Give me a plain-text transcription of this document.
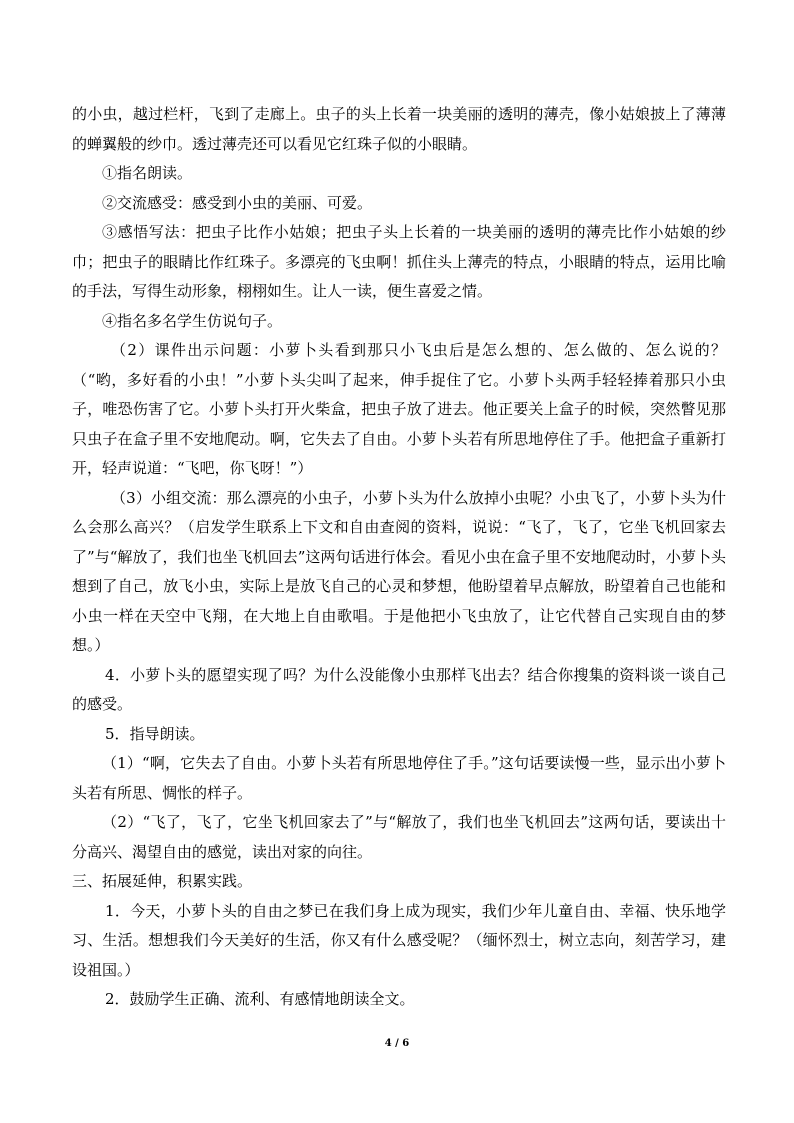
的小虫，越过栏杆，飞到了走廊上。虫子的头上长着一块美丽的透明的薄壳，像小姑娘披上了薄薄的蝉翼般的纱巾。透过薄壳还可以看见它红珠子似的小眼睛。

①指名朗读。

②交流感受：感受到小虫的美丽、可爱。

③感悟写法：把虫子比作小姑娘；把虫子头上长着的一块美丽的透明的薄壳比作小姑娘的纱巾；把虫子的眼睛比作红珠子。多漂亮的飞虫啊！抓住头上薄壳的特点，小眼睛的特点，运用比喻的手法，写得生动形象，栩栩如生。让人一读，便生喜爱之情。

④指名多名学生仿说句子。

（2）课件出示问题：小萝卜头看到那只小飞虫后是怎么想的、怎么做的、怎么说的？（“哟，多好看的小虫！”小萝卜头尖叫了起来，伸手捉住了它。小萝卜头两手轻轻捧着那只小虫子，唯恐伤害了它。小萝卜头打开火柴盒，把虫子放了进去。他正要关上盒子的时候，突然瞥见那只虫子在盒子里不安地爬动。啊，它失去了自由。小萝卜头若有所思地停住了手。他把盒子重新打开，轻声说道：“飞吧，你飞呀！”）

（3）小组交流：那么漂亮的小虫子，小萝卜头为什么放掉小虫呢？小虫飞了，小萝卜头为什么会那么高兴？（启发学生联系上下文和自由查阅的资料，说说：“飞了，飞了，它坐飞机回家去了”与“解放了，我们也坐飞机回去”这两句话进行体会。看见小虫在盒子里不安地爬动时，小萝卜头想到了自己，放飞小虫，实际上是放飞自己的心灵和梦想，他盼望着早点解放，盼望着自己也能和小虫一样在天空中飞翔，在大地上自由歌唱。于是他把小飞虫放了，让它代替自己实现自由的梦想。）

4．小萝卜头的愿望实现了吗？为什么没能像小虫那样飞出去？结合你搜集的资料谈一谈自己的感受。

5．指导朗读。

（1）“啊，它失去了自由。小萝卜头若有所思地停住了手。”这句话要读慢一些，显示出小萝卜头若有所思、惆怅的样子。

（2）“飞了，飞了，它坐飞机回家去了”与“解放了，我们也坐飞机回去”这两句话，要读出十分高兴、渴望自由的感觉，读出对家的向往。

三、拓展延伸，积累实践。

1．今天，小萝卜头的自由之梦已在我们身上成为现实，我们少年儿童自由、幸福、快乐地学习、生活。想想我们今天美好的生活，你又有什么感受呢？（缅怀烈士，树立志向，刻苦学习，建设祖国。）

2．鼓励学生正确、流利、有感情地朗读全文。

4 / 6
